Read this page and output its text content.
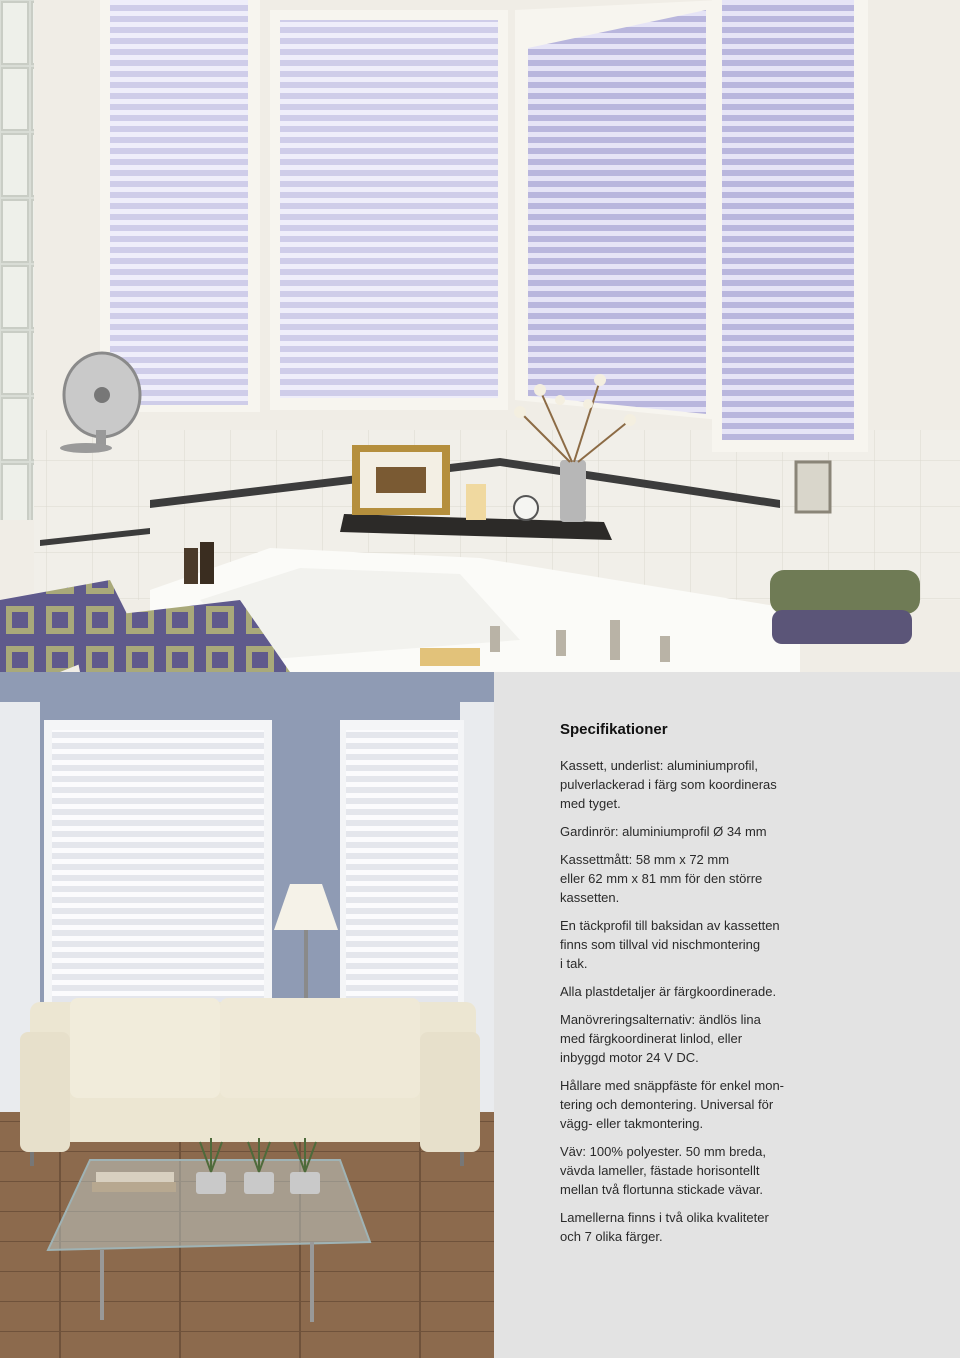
Specifikationer

Kassett, underlist: aluminiumprofil,
pulverlackerad i färg som koordineras
med tyget.

Gardinrör: aluminiumprofil Ø 34 mm

Kassettmått: 58 mm x 72 mm
eller 62 mm x 81 mm för den större
kassetten.

En täckprofil till baksidan av kassetten
finns som tillval vid nischmontering
i tak.

Alla plastdetaljer är färgkoordinerade.

Manövreringsalternativ: ändlös lina
med färgkoordinerat linlod, eller
inbyggd motor 24 V DC.

Hållare med snäppfäste för enkel mon-
tering och demontering. Universal för
vägg- eller takmontering.

Väv: 100% polyester. 50 mm breda,
vävda lameller, fästade horisontellt
mellan två flortunna stickade vävar.

Lamellerna finns i två olika kvaliteter
och 7 olika färger.
